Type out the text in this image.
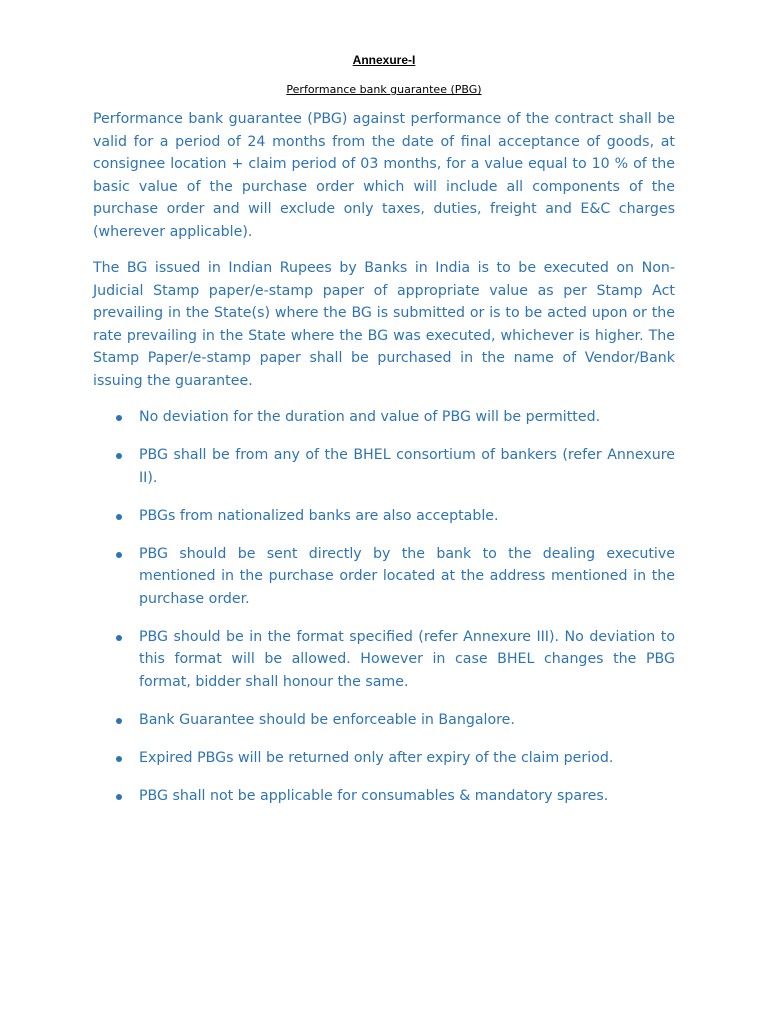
Annexure-I
Performance bank guarantee (PBG)

Performance bank guarantee (PBG) against performance of the contract shall be valid for a period of 24 months from the date of final acceptance of goods, at consignee location + claim period of 03 months, for a value equal to 10 % of the basic value of the purchase order which will include all components of the purchase order and will exclude only taxes, duties, freight and E&C charges (wherever applicable).

The BG issued in Indian Rupees by Banks in India is to be executed on Non-Judicial Stamp paper/e-stamp paper of appropriate value as per Stamp Act prevailing in the State(s) where the BG is submitted or is to be acted upon or the rate prevailing in the State where the BG was executed, whichever is higher. The Stamp Paper/e-stamp paper shall be purchased in the name of Vendor/Bank issuing the guarantee.

No deviation for the duration and value of PBG will be permitted.
PBG shall be from any of the BHEL consortium of bankers (refer Annexure II).
PBGs from nationalized banks are also acceptable.
PBG should be sent directly by the bank to the dealing executive mentioned in the purchase order located at the address mentioned in the purchase order.
PBG should be in the format specified (refer Annexure III). No deviation to this format will be allowed. However in case BHEL changes the PBG format, bidder shall honour the same.
Bank Guarantee should be enforceable in Bangalore.
Expired PBGs will be returned only after expiry of the claim period.
PBG shall not be applicable for consumables & mandatory spares.
